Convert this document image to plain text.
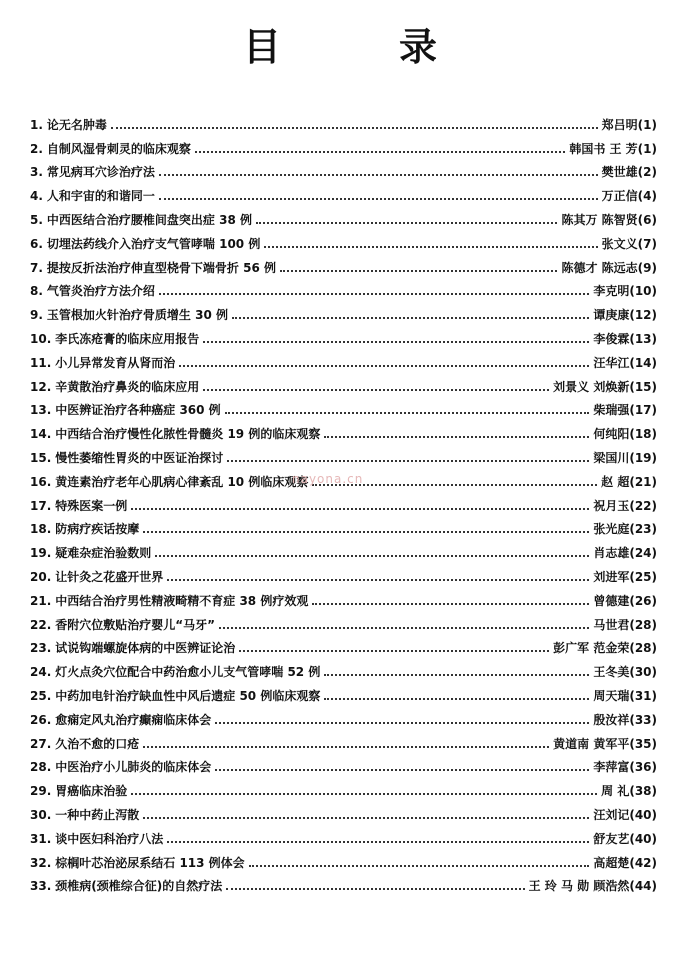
目	录
1. 论无名肿毒	郑吕明 (1)
2. 自制风湿骨刺灵的临床观察	韩国书 王 芳 (1)
3. 常见病耳穴诊治疗法	樊世雄 (2)
4. 人和宇宙的和谐同一	万正信 (4)
5. 中西医结合治疗腰椎间盘突出症 38 例	陈其万 陈智贤 (6)
6. 切埋法药线介入治疗支气管哮喘 100 例	张文义 (7)
7. 提按反折法治疗伸直型桡骨下端骨折 56 例	陈德才 陈远志 (9)
8. 气管炎治疗方法介绍	李克明 (10)
9. 玉管根加火针治疗骨质增生 30 例	谭庚康 (12)
10. 李氏冻疮膏的临床应用报告	李俊霖 (13)
11. 小儿异常发育从肾而治	汪华江 (14)
12. 辛黄散治疗鼻炎的临床应用	刘景义 刘焕新 (15)
13. 中医辨证治疗各种癌症 360 例	柴瑞强 (17)
14. 中西结合治疗慢性化脓性骨髓炎 19 例的临床观察	何纯阳 (18)
15. 慢性萎缩性胃炎的中医证治探讨	梁国川 (19)
16. 黄连素治疗老年心肌病心律紊乱 10 例临床观察	赵 超 (21)
17. 特殊医案一例	祝月玉 (22)
18. 防病疗疾话按摩	张光庭 (23)
19. 疑难杂症治验数则	肖志雄 (24)
20. 让针灸之花盛开世界	刘进军 (25)
21. 中西结合治疗男性精液畸精不育症 38 例疗效观	曾德建 (26)
22. 香附穴位敷贴治疗婴儿“马牙”	马世君 (28)
23. 试说钩端螺旋体病的中医辨证论治	彭广军 范金荣 (28)
24. 灯火点灸穴位配合中药治愈小儿支气管哮喘 52 例	王冬美 (30)
25. 中药加电针治疗缺血性中风后遗症 50 例临床观察	周天瑞 (31)
26. 愈痫定风丸治疗癫痫临床体会	殷汝祥 (33)
27. 久治不愈的口疮	黄道南 黄军平 (35)
28. 中医治疗小儿肺炎的临床体会	李萍富 (36)
29. 胃癌临床治验	周 礼 (38)
30. 一种中药止泻散	汪刘记 (40)
31. 谈中医妇科治疗八法	舒友艺 (40)
32. 棕榈叶芯治泌尿系结石 113 例体会	高超楚 (42)
33. 颈椎病(颈椎综合征)的自然疗法	王 玲 马 勋 顾浩然 (44)
nayona.cn
